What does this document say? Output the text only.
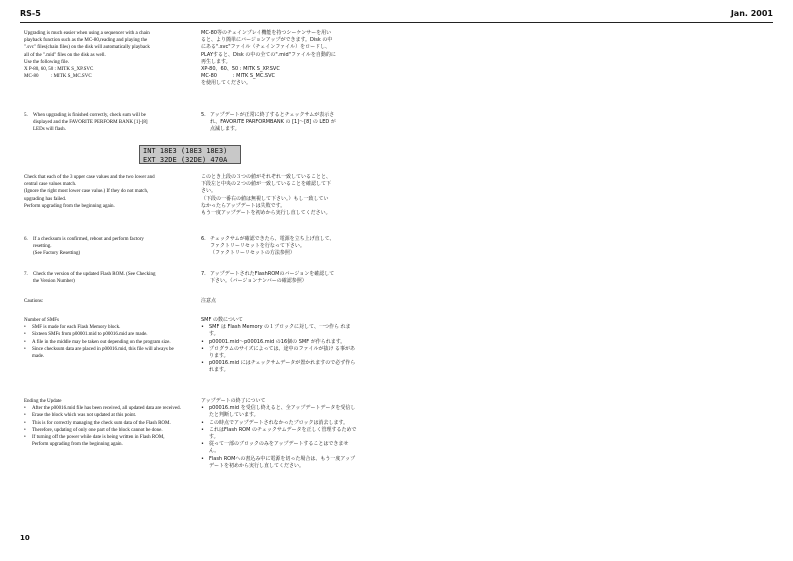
RS-5	Jan. 2001

Upgrading is much easier when using a sequencer with a chain

playback function such as the MC-80,reading and playing the

".svc" files(chain files) on the disk will automatically playback

all of the ".mid" files on the disk as well.

Use the following file.

X P-80, 60, 50 : MITK S_XP.SVC

MC-80          : MITK S_MC.SVC

5.	When upgrading is finished correctly, check sum will be

displayed and the FAVORITE PERFORM BANK [1]-[8]

LEDs will flash.

Check that each of the 3 upper case values and the two lower and

central case values match.

(Ignore the right most lower case value.) If they do not match,

upgrading has failed.

Perform upgrading from the beginning again.

6.	If a checksum is confirmed, reboot and perform factory

resetting.

(See Factory Resetting)

7.	Check the version of the updated Flash ROM. (See Checking

the Version Number)

Cautions:

Number of SMFs

• SMF is made for each Flash Memory block.
• Sixteen SMFs from p00001.mid to p00016.mid are made.
• A file in the middle may be taken out depending on the program size.
• Since checksum data are placed in p00016.mid, this file will always be made.

Ending the Update

• After the p00016.mid file has been received, all updated data are received.
• Erase the block which was not updated at this point.
• This is for correctly managing the check sum data of the Flash ROM.
• Therefore, updating of only one part of the block cannot be done.
• If turning off the power while date is being written in Flash ROM, Perform upgrading from the beginning again.
INT 18E3 (18E3 18E3)
EXT 32DE (32DE) 470A

MC-80等のチェインプレイ機能を持つシーケンサーを用い

ると、より簡単にバージョンアップができます。Disk の中

にある".svc"ファイル（チェインファイル）をロードし、

PLAYすると、Disk の中の全ての".mid"ファイルを自動的に

再生します。

XP-80、60、50 : MITK S_XP.SVC

MC-80          : MITK S_MC.SVC

を使用してください。

5. アップデートが正常に終了するとチェックサムが表示さ

れ、FAVORITE PARFORMBANK の [1]～[8] の LED が

点滅します。

このとき上段の３つの値がそれぞれ一致していることと、

下段左と中央の２つの値が一致していることを確認して下

さい。

（下段の一番右の値は無視して下さい。）もし一致してい

なかったらアップデートは失敗です。

もう一度アップデートを初めから実行し直してください。

6. チェックサムが確認できたら、電源を立ち上げ直して、

ファクトリーリセットを行なって下さい。

（ファクトリーリセットの方法参照）

7. アップデートされたFlashROMのバージョンを確認して

下さい。（バージョンナンバーの確認参照）

注意点

SMF の数について

• SMF は Flash Memory の１ブロックに対して、一つ作ら れます。
• p00001.mid～p00016.mid の16個の SMF が作られます。
• プログラムのサイズによっては、途中のファイルが抜け る事があります。
• p00016.mid にはチェックサムデータが置かれますので必ず作られます。

アップデートの終了について

• p00016.mid を受信し終えると、全アップデートデータを受信したと判断しています。
• この時点でアップデートされなかったブロックは消去します。
• これはFlash ROM のチェックサムデータを正しく管理するためです。
• 従って一部のブロックのみをアップデートすることはできません。
• Flash ROMへの書込み中に電源を切った場合は、もう一度アップデートを初めから実行し直してください。
10
